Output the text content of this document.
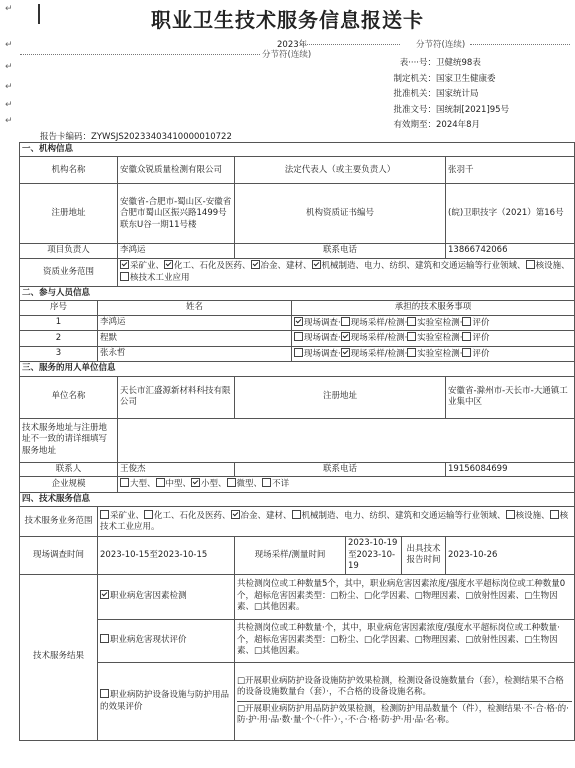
职业卫生技术服务信息报送卡
2023年	分节符(连续)
分节符(连续)
↵
↵
↵
↵
↵
↵
表····号：卫健统98表
制定机关：国家卫生健康委
批准机关：国家统计局
批准文号：国统制[2021]95号
有效期至：2024年8月
报告卡编码：ZYWSJS20233403410000010722
一、机构信息							
机构名称		安徽众锐质量检测有限公司	法定代表人（或主要负责人）				张羽千
注册地址		安徽省-合肥市-蜀山区-安徽省合肥市蜀山区振兴路1499号联东U谷一期11号楼	机构资质证书编号				(皖)卫职技字（2021）第16号
项目负责人		李鸿运	联系电话				13866742066
资质业务范围		采矿业、 化工、石化及医药、 冶金、建材、 机械制造、电力、纺织、建筑和交通运输等行业领域、 核设施、核技术工业应用					
二、参与人员信息							
序号	姓名			承担的技术服务事项			
1	李鸿运			现场调查· 现场采样/检测· 实验室检测· 评价			
2	程默			现场调查· 现场采样/检测· 实验室检测· 评价			
3	张永哲			现场调查· 现场采样/检测· 实验室检测· 评价			
三、服务的用人单位信息							
单位名称		天长市汇盛源新材料科技有限公司	注册地址				安徽省-滁州市-天长市-大通镇工业集中区
技术服务地址与注册地址不一致的请详细填写服务地址							
联系人		王俊杰	联系电话				19156084699
企业规模		大型、 中型、 小型、 微型、 不详					
四、技术服务信息							
技术服务业务范围	采矿业、 化工、石化及医药、 冶金、建材、 机械制造、电力、纺织、建筑和交通运输等行业领域、 核设施、 核技术工业应用。						
现场调查时间	2023-10-15至2023-10-15		现场采样/测量时间		2023-10-19至2023-10-19	出具技术报告时间	2023-10-26
技术服务结果	职业病危害因素检测		共检测岗位或工种数量5个，其中，职业病危害因素浓度/强度水平超标岗位或工种数量0个，超标危害因素类型：□粉尘、□化学因素、□物理因素、□放射性因素、□生物因素、□其他因素。				
	职业病危害现状评价		共检测岗位或工种数量·个，其中，职业病危害因素浓度/强度水平超标岗位或工种数量·个，超标危害因素类型：□粉尘、□化学因素、□物理因素、□放射性因素、□生物因素、□其他因素。				
	职业病防护设备设施与防护用品的效果评价		□开展职业病防护设备设施防护效果检测，检测设备设施数量台（套），检测结果不合格的设备设施数量台（套）·，不合格的设备设施名称。
□开展职业病防护用品防护效果检测，检测防护用品数量个（件），检测结果·不·合·格·的·防·护·用·品·数·量·个·（·件·）·，·不·合·格·防·护·用·品·名·称。				
